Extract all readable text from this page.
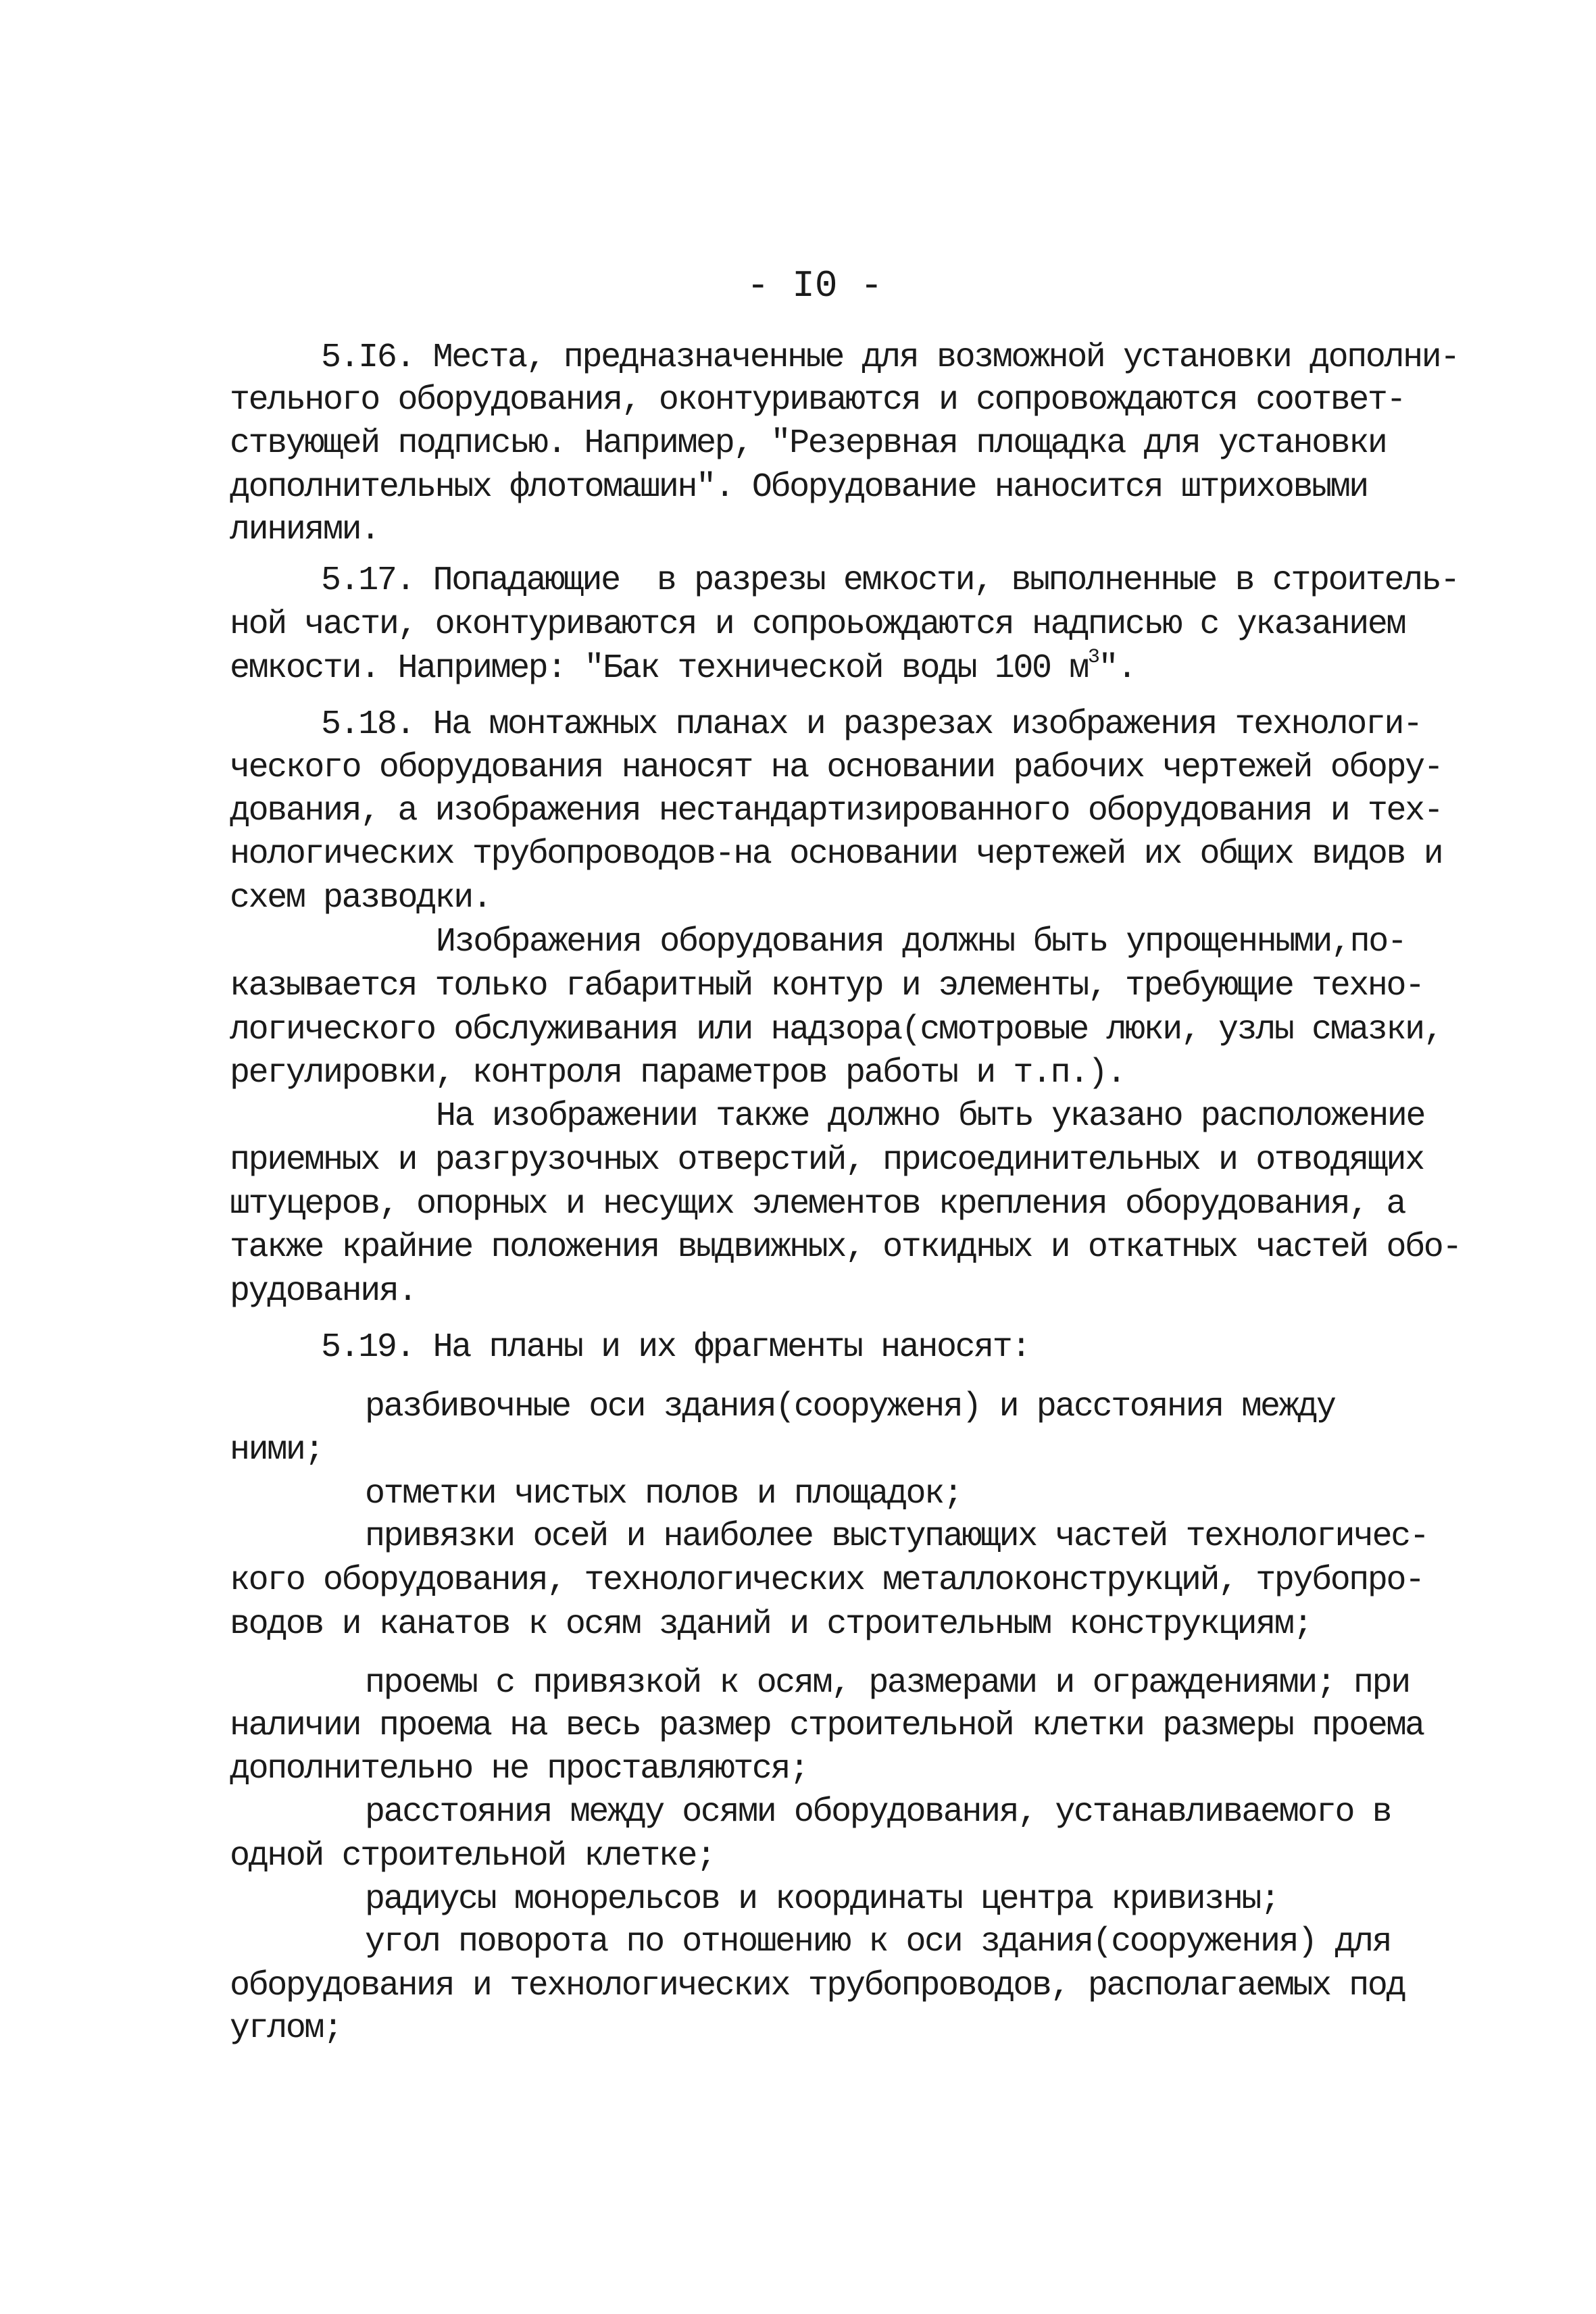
- I0 -
5.I6. Места, предназначенные для возможной установки дополни-
тельного оборудования, оконтуриваются и сопровождаются соответ-
ствующей подписью. Например, "Резервная площадка для установки
дополнительных флотомашин". Оборудование наносится штриховыми
линиями.
5.17. Попадающие  в разрезы емкости, выполненные в строитель-
ной части, оконтуриваются и сопроьождаются надписью с указанием
емкости. Например: "Бак технической воды 100 $м^3$".
5.18. На монтажных планах и разрезах изображения технологи-
ческого оборудования наносят на основании рабочих чертежей оборy-
дования, а изображения нестандартизированного оборудования и тех-
нологических трубопроводов-на основании чертежей их общих видов и
схем разводки.
Изображения оборудования должны быть упрощенными,по-
казывается только габаритный контур и элементы, требующие техно-
логического обслуживания или надзора(смотровые люки, узлы смазки,
регулировки, контроля параметров работы и т.п.).
На изображении также должно быть указано расположение
приемных и разгрузочных отверстий, присоединительных и отводящих
штуцеров, опорных и несущих элементов крепления оборудования, а
также крайние положения выдвижных, откидных и откатных частей обо-
рудования.
5.19. На планы и их фрагменты наносят:
разбивочные оси здания(сооруженя) и расстояния между
ними;
отметки чистых полов и площадок;
привязки осей и наиболее выступающих частей технологичес-
кого оборудования, технологических металлоконструкций, трубопро-
водов и канатов к осям зданий и строительным конструкциям;
проемы с привязкой к осям, размерами и ограждениями; при
наличии проема на весь размер строительной клетки размеры проема
дополнительно не проставляются;
расстояния между осями оборудования, устанавливаемого в
одной строительной клетке;
радиусы монорельсов и координаты центра кривизны;
угол поворота по отношению к оси здания(сооружения) для
оборудования и технологических трубопроводов, располагаемых под
углом;
